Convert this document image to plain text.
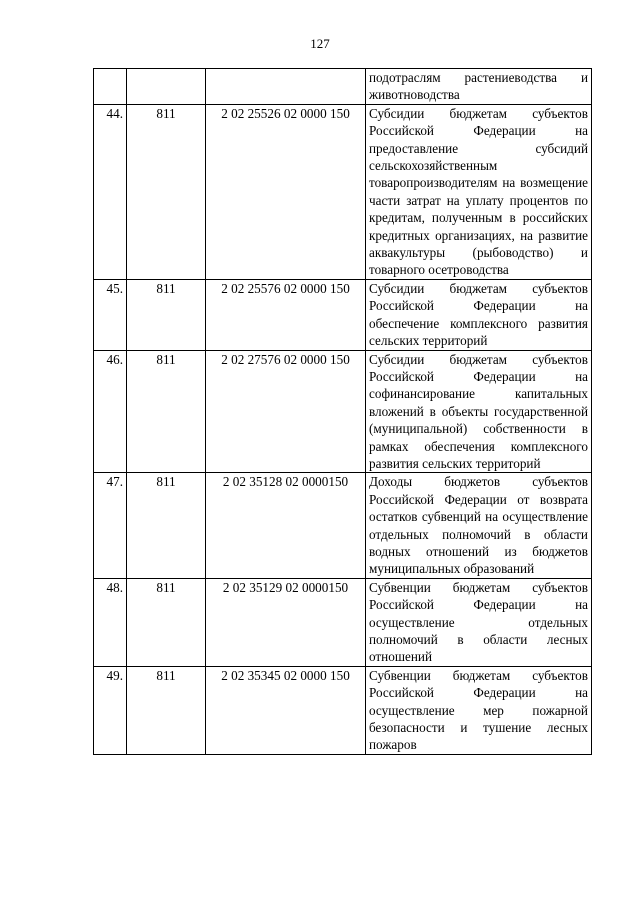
127
			подотраслям растениеводства и животноводства
44.	811	2 02 25526 02 0000 150	Субсидии бюджетам субъектов Российской Федерации на предоставление субсидий сельскохозяйственным товаропроизводителям на возмещение части затрат на уплату процентов по кредитам, полученным в российских кредитных организациях, на развитие аквакультуры (рыбоводство) и товарного осетроводства
45.	811	2 02 25576 02 0000 150	Субсидии бюджетам субъектов Российской Федерации на обеспечение комплексного развития сельских территорий
46.	811	2 02 27576 02 0000 150	Субсидии бюджетам субъектов Российской Федерации на софинансирование капитальных вложений в объекты государственной (муниципальной) собственности в рамках обеспечения комплексного развития сельских территорий
47.	811	2 02 35128 02 0000150	Доходы бюджетов субъектов Российской Федерации от возврата остатков субвенций на осуществление отдельных полномочий в области водных отношений из бюджетов муниципальных образований
48.	811	2 02 35129 02 0000150	Субвенции бюджетам субъектов Российской Федерации на осуществление отдельных полномочий в области лесных отношений
49.	811	2 02 35345 02 0000 150	Субвенции бюджетам субъектов Российской Федерации на осуществление мер пожарной безопасности и тушение лесных пожаров
